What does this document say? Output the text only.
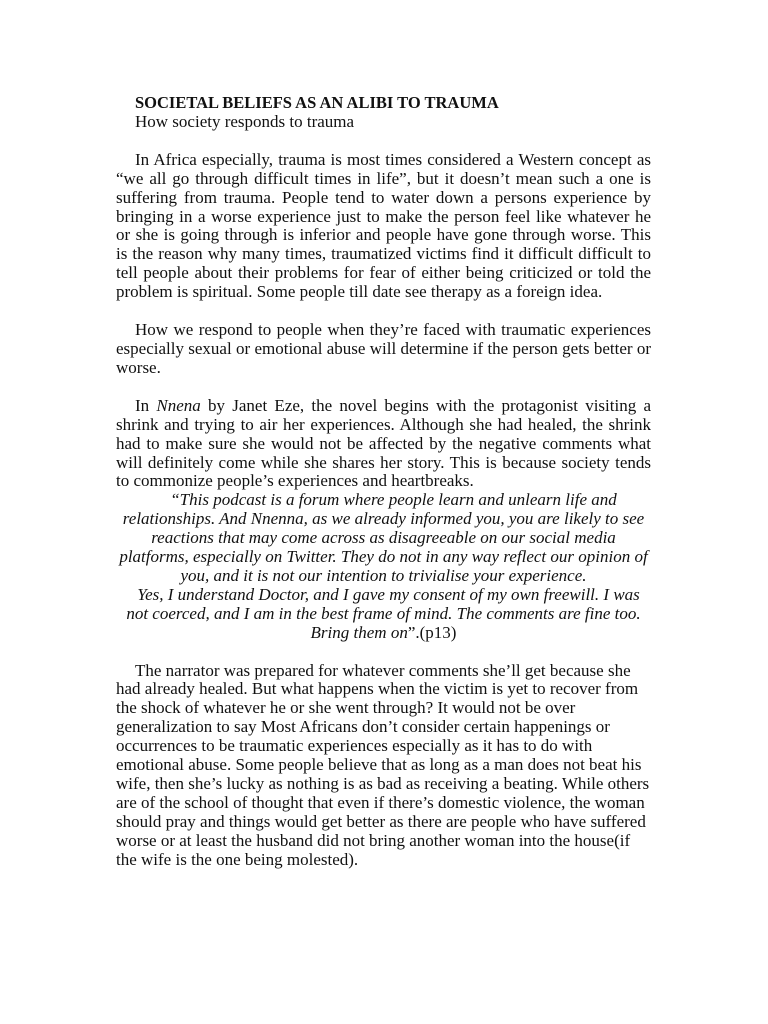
SOCIETAL BELIEFS AS AN ALIBI TO TRAUMA

How society responds to trauma

In Africa especially, trauma is most times considered a Western concept as “we all go through difficult times in life”, but it doesn’t mean such a one is suffering from trauma. People tend to water down a persons experience by bringing in a worse experience just to make the person feel like whatever he or she is going through is inferior and people have gone through worse. This is the reason why many times, traumatized victims find it difficult difficult to tell people about their problems for fear of either being criticized or told the problem is spiritual. Some people till date see therapy as a foreign idea.

How we respond to people when they’re faced with traumatic experiences especially sexual or emotional abuse will determine if the person gets better or worse.

In Nnena by Janet Eze, the novel begins with the protagonist visiting a shrink and trying to air her experiences. Although she had healed, the shrink had to make sure she would not be affected by the negative comments what will definitely come while she shares her story. This is because society tends to commonize people’s experiences and heartbreaks.

“This podcast is a forum where people learn and unlearn life and relationships. And Nnenna, as we already informed you, you are likely to see reactions that may come across as disagreeable on our social media platforms, especially on Twitter. They do not in any way reflect our opinion of you, and it is not our intention to trivialise your experience.

Yes, I understand Doctor, and I gave my consent of my own freewill. I was not coerced, and I am in the best frame of mind. The comments are fine too. Bring them on”.(p13)

The narrator was prepared for whatever comments she’ll get because she had already healed. But what happens when the victim is yet to recover from the shock of whatever he or she went through? It would not be over generalization to say Most Africans don’t consider certain happenings or occurrences to be traumatic experiences especially as it has to do with emotional abuse. Some people believe that as long as a man does not beat his wife, then she’s lucky as nothing is as bad as receiving a beating. While others are of the school of thought that even if there’s domestic violence, the woman should pray and things would get better as there are people who have suffered worse or at least the husband did not bring another woman into the house(if the wife is the one being molested).
